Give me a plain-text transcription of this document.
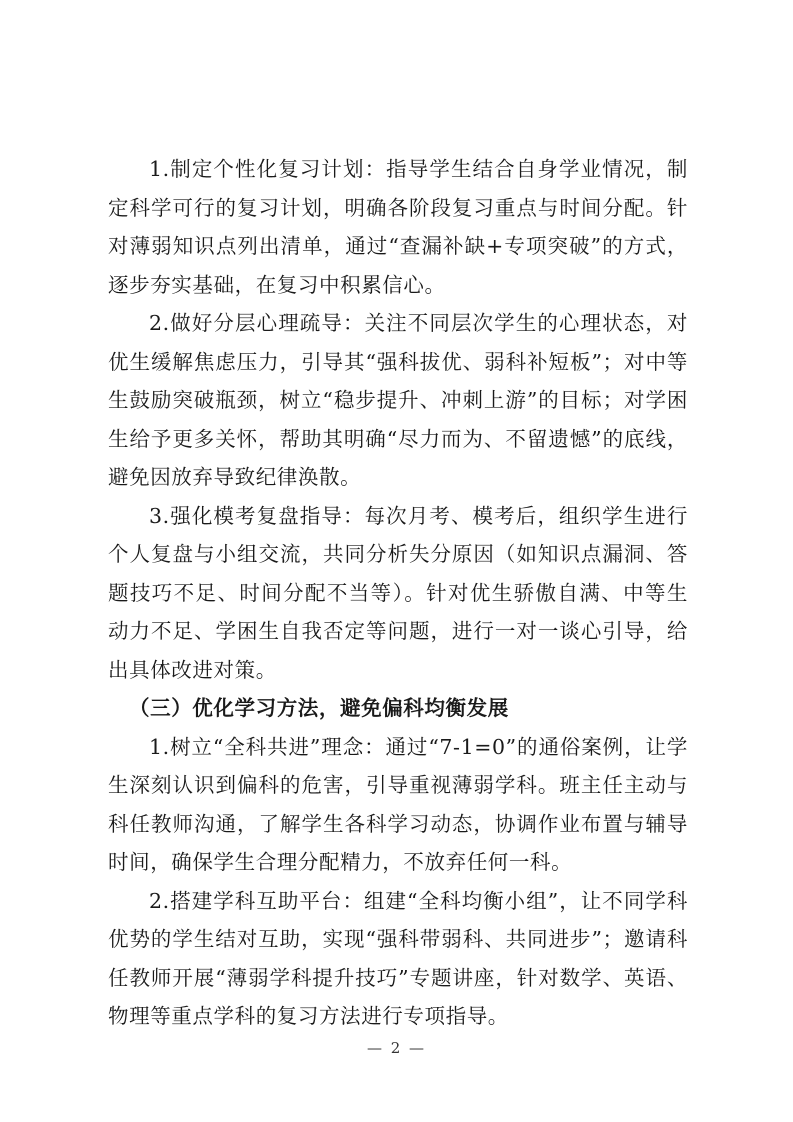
1.制定个性化复习计划：指导学生结合自身学业情况，制定科学可行的复习计划，明确各阶段复习重点与时间分配。针对薄弱知识点列出清单，通过“查漏补缺+专项突破”的方式，逐步夯实基础，在复习中积累信心。

2.做好分层心理疏导：关注不同层次学生的心理状态，对优生缓解焦虑压力，引导其“强科拔优、弱科补短板”；对中等生鼓励突破瓶颈，树立“稳步提升、冲刺上游”的目标；对学困生给予更多关怀，帮助其明确“尽力而为、不留遗憾”的底线，避免因放弃导致纪律涣散。

3.强化模考复盘指导：每次月考、模考后，组织学生进行个人复盘与小组交流，共同分析失分原因（如知识点漏洞、答题技巧不足、时间分配不当等）。针对优生骄傲自满、中等生动力不足、学困生自我否定等问题，进行一对一谈心引导，给出具体改进对策。

（三）优化学习方法，避免偏科均衡发展

1.树立“全科共进”理念：通过“7-1=0”的通俗案例，让学生深刻认识到偏科的危害，引导重视薄弱学科。班主任主动与科任教师沟通，了解学生各科学习动态，协调作业布置与辅导时间，确保学生合理分配精力，不放弃任何一科。

2.搭建学科互助平台：组建“全科均衡小组”，让不同学科优势的学生结对互助，实现“强科带弱科、共同进步”；邀请科任教师开展“薄弱学科提升技巧”专题讲座，针对数学、英语、物理等重点学科的复习方法进行专项指导。

— 2 —
